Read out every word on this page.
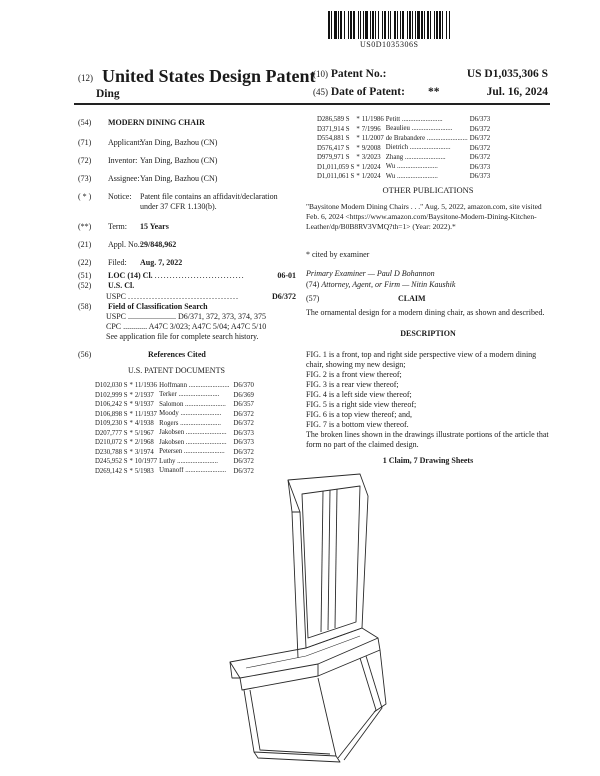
US0D1035306S
(12) United States Design Patent
Ding
(10) Patent No.:	US D1,035,306 S
(45) Date of Patent: **	Jul. 16, 2024
(54) MODERN DINING CHAIR
(71) Applicant:
Yan Ding, Bazhou (CN)
(72) Inventor: Yan Ding, Bazhou (CN)
(73) Assignee: Yan Ding, Bazhou (CN)
( * ) Notice: Patent file contains an affidavit/declaration under 37 CFR 1.130(b).
(**) Term: 15 Years
(21) Appl. No.:
29/848,962
(22) Filed: Aug. 7, 2022
(51) LOC (14) Cl. ..............................	06-01
(52) U.S. Cl.
USPC .....................................	D6/372
(58) Field of Classification Search
USPC ........................ D6/371, 372, 373, 374, 375
CPC ............ A47C 3/023; A47C 5/04; A47C 5/10
See application file for complete search history.
(56)	References Cited
U.S. PATENT DOCUMENTS
D102,030 S	*	11/1936	Hoffmann ........................ D6/370
D102,999 S	*	2/1937	Terker ........................ D6/369
D106,242 S	*	9/1937	Salomon ........................ D6/357
D106,898 S	*	11/1937	Moody ........................ D6/372
D109,230 S	*	4/1938	Rogers ........................ D6/372
D207,777 S	*	5/1967	Jakobsen ........................ D6/373
D210,072 S	*	2/1968	Jakobsen ........................ D6/373
D230,788 S	*	3/1974	Petersen ........................ D6/372
D245,952 S	*	10/1977	Luthy ........................ D6/372
D269,142 S	*	5/1983	Umanoff ........................ D6/372
D286,589 S	*	11/1986	Petitt ........................	D6/373
D371,914 S	*	7/1996	Beaulieu ........................	D6/372
D554,881 S	*	11/2007	de Brabandere ........................ D6/372
D576,417 S	*	9/2008	Dietrich ........................	D6/372
D979,971 S	*	3/2023	Zhang ........................	D6/372
D1,011,059 S	*	1/2024	Wu ........................	D6/373
D1,011,061 S	*	1/2024	Wu ........................	D6/373
OTHER PUBLICATIONS
"Baysitone Modern Dining Chairs . . ." Aug. 5, 2022, amazon.com, site visited Feb. 6, 2024 <https://www.amazon.com/Baysitone-Modern-Dining-Kitchen-Leather/dp/B0B8RV3VMQ?th=1> (Year: 2022).*
* cited by examiner
Primary Examiner — Paul D Bohannon
(74) Attorney, Agent, or Firm — Nitin Kaushik
(57)	CLAIM
The ornamental design for a modern dining chair, as shown and described.
DESCRIPTION
FIG. 1 is a front, top and right side perspective view of a modern dining chair, showing my new design;
FIG. 2 is a front view thereof;
FIG. 3 is a rear view thereof;
FIG. 4 is a left side view thereof;
FIG. 5 is a right side view thereof;
FIG. 6 is a top view thereof; and,
FIG. 7 is a bottom view thereof.
The broken lines shown in the drawings illustrate portions of the article that form no part of the claimed design.
1 Claim, 7 Drawing Sheets
